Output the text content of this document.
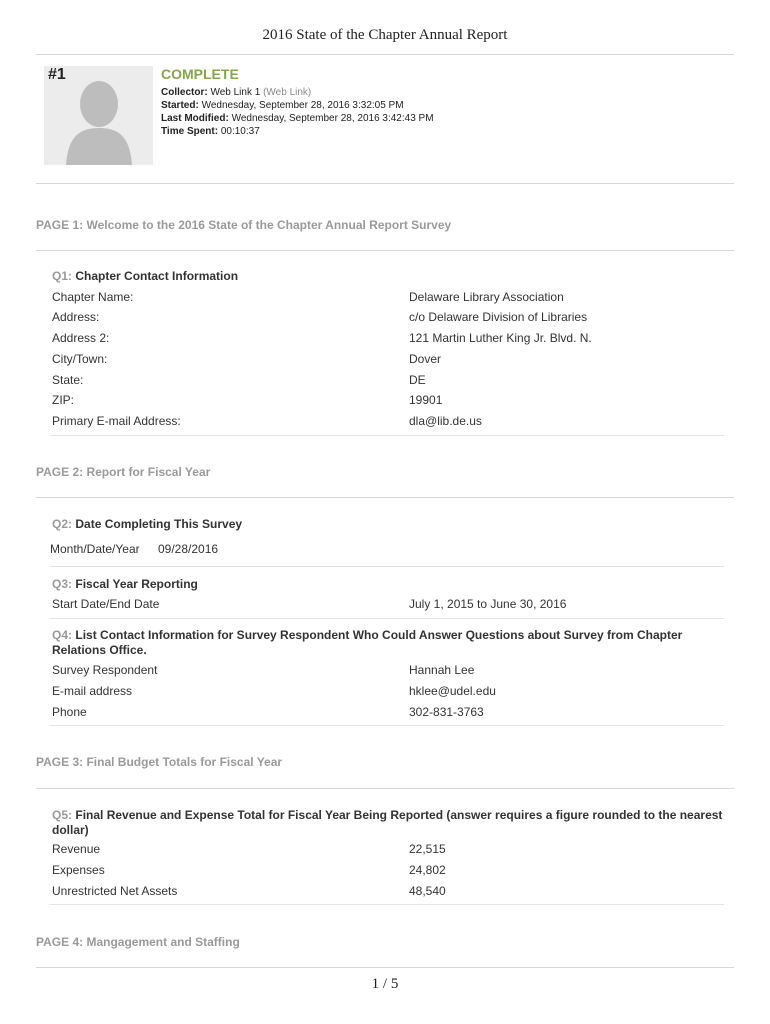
2016 State of the Chapter Annual Report
#1	COMPLETE
Collector: Web Link 1 (Web Link)
Started: Wednesday, September 28, 2016 3:32:05 PM
Last Modified: Wednesday, September 28, 2016 3:42:43 PM
Time Spent: 00:10:37
PAGE 1: Welcome to the 2016 State of the Chapter Annual Report Survey
Q1: Chapter Contact Information
Chapter Name:	Delaware Library Association
Address:	c/o Delaware Division of Libraries
Address 2:	121 Martin Luther King Jr. Blvd. N.
City/Town:	Dover
State:	DE
ZIP:	19901
Primary E-mail Address:	dla@lib.de.us
PAGE 2: Report for Fiscal Year
Q2: Date Completing This Survey
Month/Date/Year 09/28/2016
Q3: Fiscal Year Reporting
Start Date/End Date	July 1, 2015 to June 30, 2016
Q4: List Contact Information for Survey Respondent Who Could Answer Questions about Survey from Chapter Relations Office.
Survey Respondent	Hannah Lee
E-mail address	hklee@udel.edu
Phone	302-831-3763
PAGE 3: Final Budget Totals for Fiscal Year
Q5: Final Revenue and Expense Total for Fiscal Year Being Reported (answer requires a figure rounded to the nearest dollar)
Revenue	22,515
Expenses	24,802
Unrestricted Net Assets	48,540
PAGE 4: Mangagement and Staffing
1 / 5
